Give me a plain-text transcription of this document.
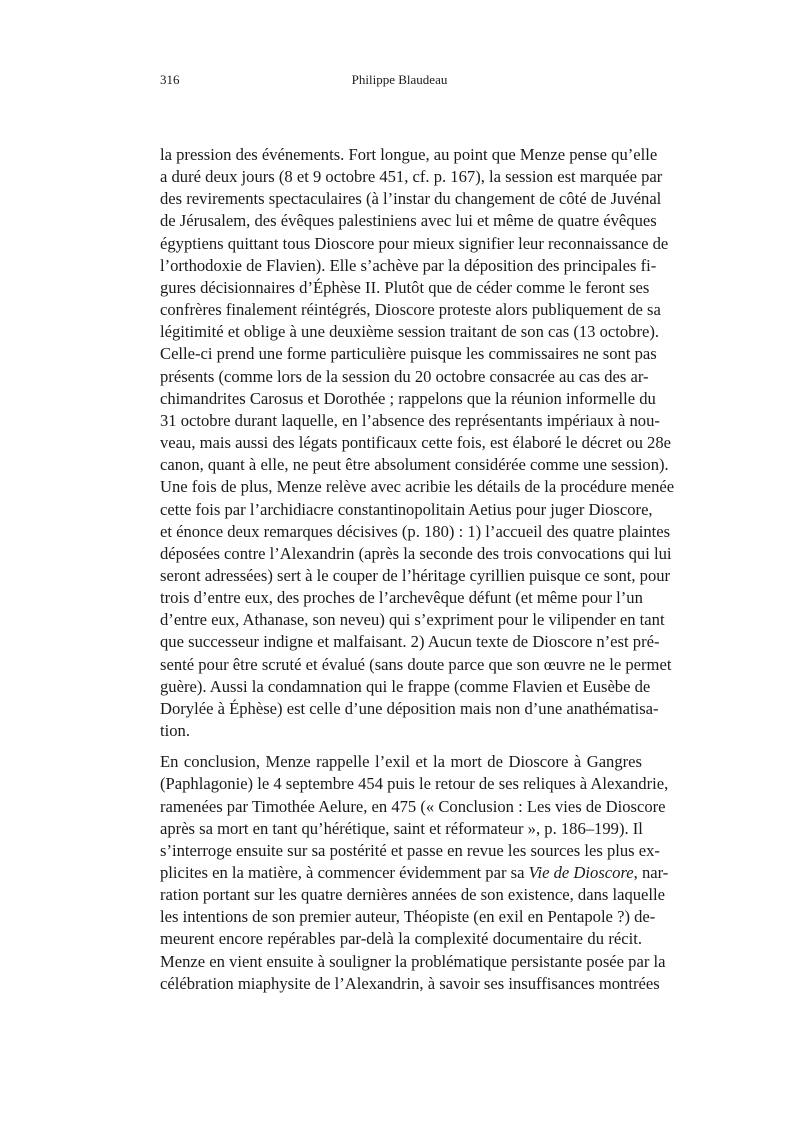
316	Philippe Blaudeau
la pression des événements. Fort longue, au point que Menze pense qu’elle
a duré deux jours (8 et 9 octobre 451, cf. p. 167), la session est marquée par
des revirements spectaculaires (à l’instar du changement de côté de Juvénal
de Jérusalem, des évêques palestiniens avec lui et même de quatre évêques
égyptiens quittant tous Dioscore pour mieux signifier leur reconnaissance de
l’orthodoxie de Flavien). Elle s’achève par la déposition des principales fi-
gures décisionnaires d’Éphèse II. Plutôt que de céder comme le feront ses
confrères finalement réintégrés, Dioscore proteste alors publiquement de sa
légitimité et oblige à une deuxième session traitant de son cas (13 octobre).
Celle-ci prend une forme particulière puisque les commissaires ne sont pas
présents (comme lors de la session du 20 octobre consacrée au cas des ar-
chimandrites Carosus et Dorothée ; rappelons que la réunion informelle du
31 octobre durant laquelle, en l’absence des représentants impériaux à nou-
veau, mais aussi des légats pontificaux cette fois, est élaboré le décret ou 28e
canon, quant à elle, ne peut être absolument considérée comme une session).
Une fois de plus, Menze relève avec acribie les détails de la procédure menée
cette fois par l’archidiacre constantinopolitain Aetius pour juger Dioscore,
et énonce deux remarques décisives (p. 180) : 1) l’accueil des quatre plaintes
déposées contre l’Alexandrin (après la seconde des trois convocations qui lui
seront adressées) sert à le couper de l’héritage cyrillien puisque ce sont, pour
trois d’entre eux, des proches de l’archevêque défunt (et même pour l’un
d’entre eux, Athanase, son neveu) qui s’expriment pour le vilipender en tant
que successeur indigne et malfaisant. 2) Aucun texte de Dioscore n’est pré-
senté pour être scruté et évalué (sans doute parce que son œuvre ne le permet
guère). Aussi la condamnation qui le frappe (comme Flavien et Eusèbe de
Dorylée à Éphèse) est celle d’une déposition mais non d’une anathématisa-
tion.
En conclusion, Menze rappelle l’exil et la mort de Dioscore à Gangres
(Paphlagonie) le 4 septembre 454 puis le retour de ses reliques à Alexandrie,
ramenées par Timothée Aelure, en 475 (« Conclusion : Les vies de Dioscore
après sa mort en tant qu’hérétique, saint et réformateur », p. 186–199). Il
s’interroge ensuite sur sa postérité et passe en revue les sources les plus ex-
plicites en la matière, à commencer évidemment par sa Vie de Dioscore, nar-
ration portant sur les quatre dernières années de son existence, dans laquelle
les intentions de son premier auteur, Théopiste (en exil en Pentapole ?) de-
meurent encore repérables par-delà la complexité documentaire du récit.
Menze en vient ensuite à souligner la problématique persistante posée par la
célébration miaphysite de l’Alexandrin, à savoir ses insuffisances montrées
